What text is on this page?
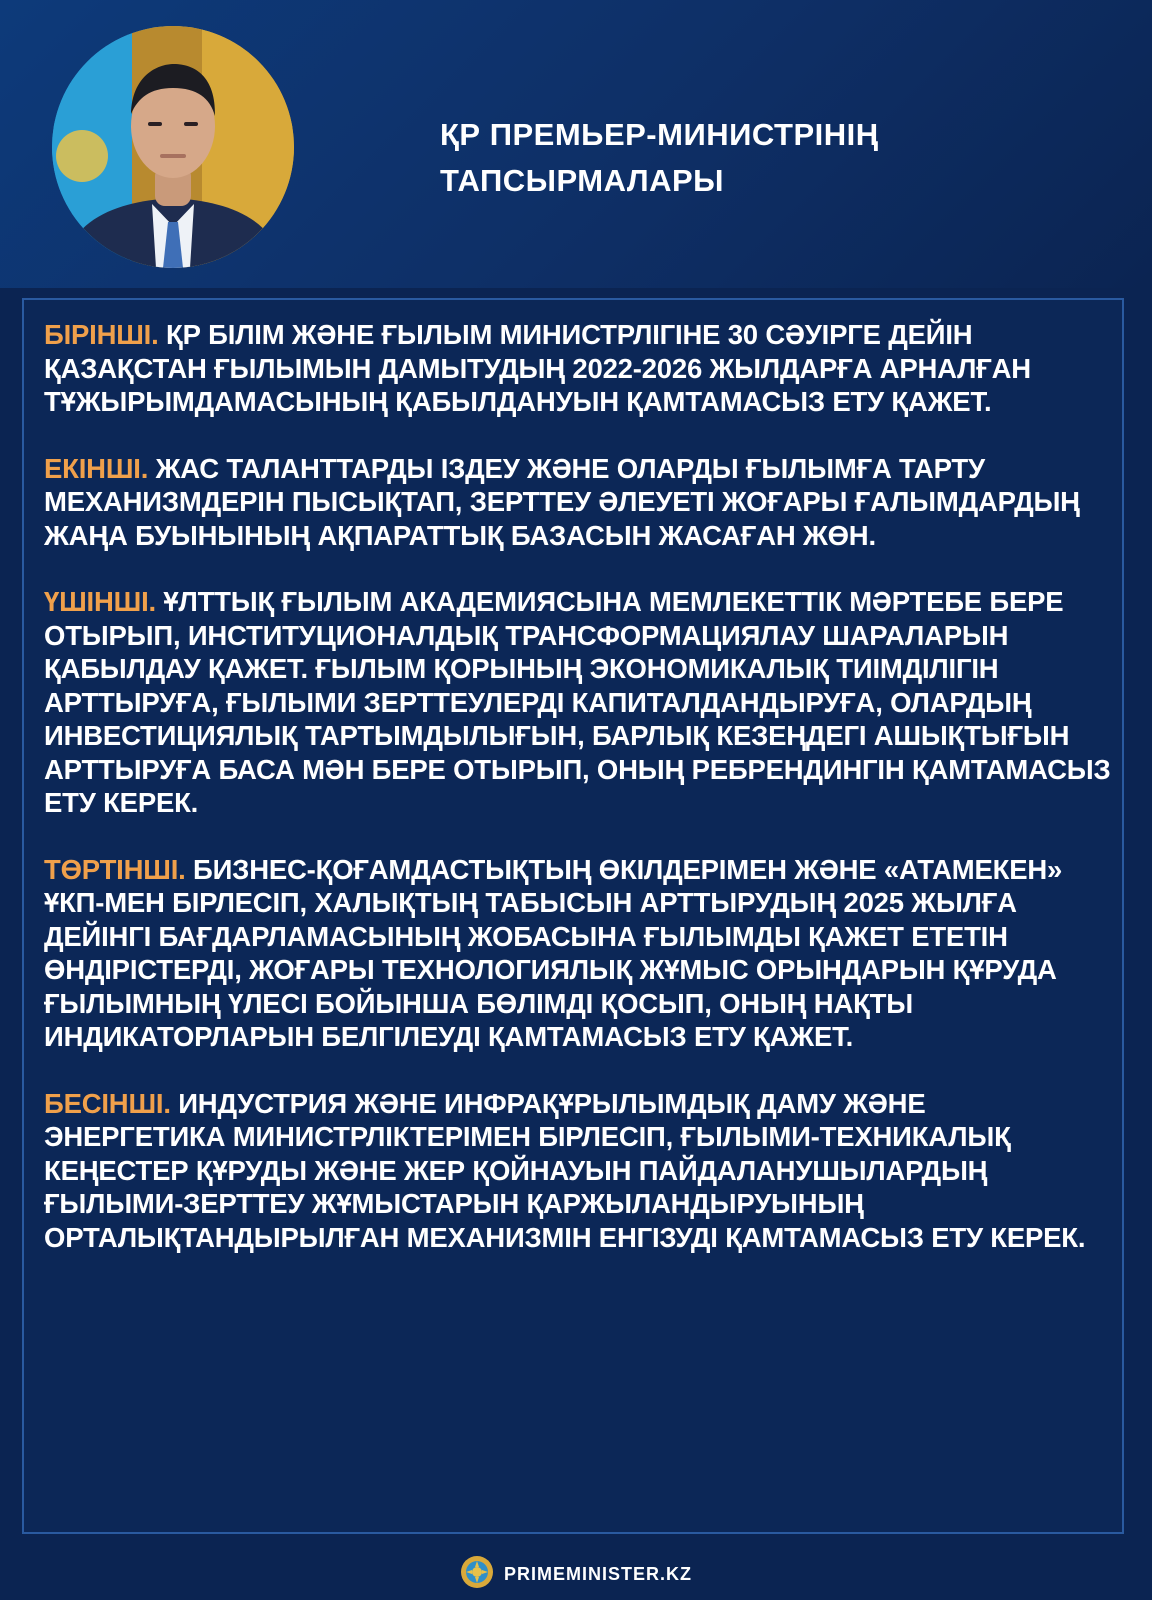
ҚР ПРЕМЬЕР-МИНИСТРІНІҢ
ТАПСЫРМАЛАРЫ
БІРІНШІ. ҚР БІЛІМ ЖӘНЕ ҒЫЛЫМ МИНИСТРЛІГІНЕ 30 СӘУІРГЕ ДЕЙІН ҚАЗАҚСТАН ҒЫЛЫМЫН ДАМЫТУДЫҢ 2022-2026 ЖЫЛДАРҒА АРНАЛҒАН ТҰЖЫРЫМДАМАСЫНЫҢ ҚАБЫЛДАНУЫН ҚАМТАМАСЫЗ ЕТУ ҚАЖЕТ.
ЕКІНШІ. ЖАС ТАЛАНТТАРДЫ ІЗДЕУ ЖӘНЕ ОЛАРДЫ ҒЫЛЫМҒА ТАРТУ МЕХАНИЗМДЕРІН ПЫСЫҚТАП, ЗЕРТТЕУ ӘЛЕУЕТІ ЖОҒАРЫ ҒАЛЫМДАРДЫҢ ЖАҢА БУЫНЫНЫҢ АҚПАРАТТЫҚ БАЗАСЫН ЖАСАҒАН ЖӨН.
ҮШІНШІ. ҰЛТТЫҚ ҒЫЛЫМ АКАДЕМИЯСЫНА МЕМЛЕКЕТТІК МӘРТЕБЕ БЕРЕ ОТЫРЫП, ИНСТИТУЦИОНАЛДЫҚ ТРАНСФОРМАЦИЯЛАУ ШАРАЛАРЫН ҚАБЫЛДАУ ҚАЖЕТ. ҒЫЛЫМ ҚОРЫНЫҢ ЭКОНОМИКАЛЫҚ ТИІМДІЛІГІН АРТТЫРУҒА, ҒЫЛЫМИ ЗЕРТТЕУЛЕРДІ КАПИТАЛДАНДЫРУҒА, ОЛАРДЫҢ ИНВЕСТИЦИЯЛЫҚ ТАРТЫМДЫЛЫҒЫН, БАРЛЫҚ КЕЗЕҢДЕГІ АШЫҚТЫҒЫН АРТТЫРУҒА БАСА МӘН БЕРЕ ОТЫРЫП, ОНЫҢ РЕБРЕНДИНГІН ҚАМТАМАСЫЗ ЕТУ КЕРЕК.
ТӨРТІНШІ. БИЗНЕС-ҚОҒАМДАСТЫҚТЫҢ ӨКІЛДЕРІМЕН ЖӘНЕ «АТАМЕКЕН» ҰКП-МЕН БІРЛЕСІП, ХАЛЫҚТЫҢ ТАБЫСЫН АРТТЫРУДЫҢ 2025 ЖЫЛҒА ДЕЙІНГІ БАҒДАРЛАМАСЫНЫҢ ЖОБАСЫНА ҒЫЛЫМДЫ ҚАЖЕТ ЕТЕТІН ӨНДІРІСТЕРДІ, ЖОҒАРЫ ТЕХНОЛОГИЯЛЫҚ ЖҰМЫС ОРЫНДАРЫН ҚҰРУДА ҒЫЛЫМНЫҢ ҮЛЕСІ БОЙЫНША БӨЛІМДІ ҚОСЫП, ОНЫҢ НАҚТЫ ИНДИКАТОРЛАРЫН БЕЛГІЛЕУДІ ҚАМТАМАСЫЗ ЕТУ ҚАЖЕТ.
БЕСІНШІ. ИНДУСТРИЯ ЖӘНЕ ИНФРАҚҰРЫЛЫМДЫҚ ДАМУ ЖӘНЕ ЭНЕРГЕТИКА МИНИСТРЛІКТЕРІМЕН БІРЛЕСІП, ҒЫЛЫМИ-ТЕХНИКАЛЫҚ КЕҢЕСТЕР ҚҰРУДЫ ЖӘНЕ ЖЕР ҚОЙНАУЫН ПАЙДАЛАНУШЫЛАРДЫҢ ҒЫЛЫМИ-ЗЕРТТЕУ ЖҰМЫСТАРЫН ҚАРЖЫЛАНДЫРУЫНЫҢ ОРТАЛЫҚТАНДЫРЫЛҒАН МЕХАНИЗМІН ЕНГІЗУДІ ҚАМТАМАСЫЗ ЕТУ КЕРЕК.
PRIMEMINISTER.KZ
